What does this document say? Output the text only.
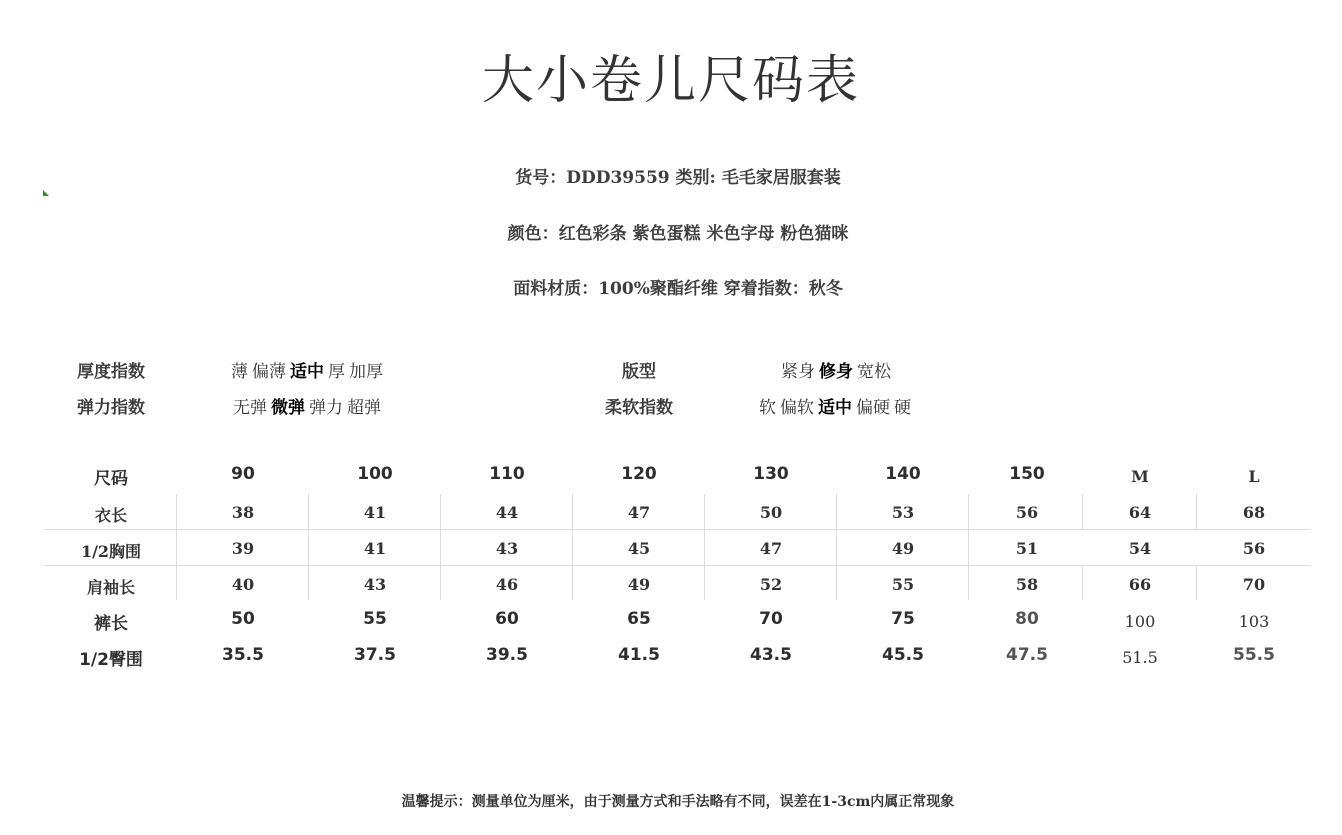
大小卷儿尺码表
货号：DDD39559 类别: 毛毛家居服套装
颜色：红色彩条 紫色蛋糕 米色字母 粉色猫咪
面料材质：100%聚酯纤维 穿着指数：秋冬
厚度指数	薄 偏薄 适中 厚 加厚	版型	紧身 修身 宽松
弹力指数	无弹 微弹 弹力 超弹	柔软指数	软 偏软 适中 偏硬 硬
尺码	90	100	110	120	130	140	150	M	L
衣长	38	41	44	47	50	53	56	64	68
1/2胸围	39	41	43	45	47	49	51	54	56
肩袖长	40	43	46	49	52	55	58	66	70
裤长	50	55	60	65	70	75	80	100	103
1/2臀围	35.5	37.5	39.5	41.5	43.5	45.5	47.5	51.5	55.5
温馨提示：测量单位为厘米，由于测量方式和手法略有不同，误差在1-3cm内属正常现象
